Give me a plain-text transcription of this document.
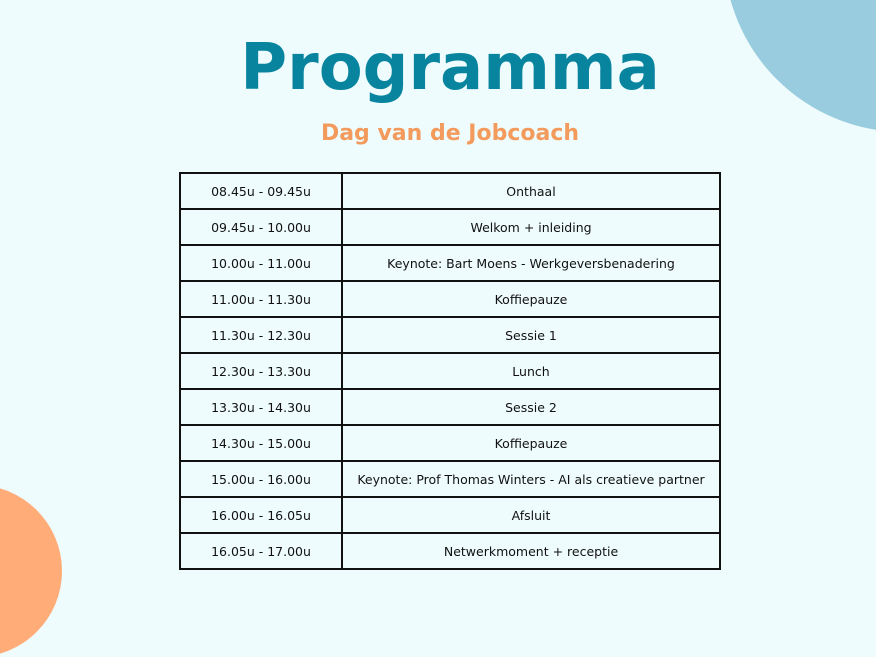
Programma
Dag van de Jobcoach
08.45u - 09.45u	Onthaal
09.45u - 10.00u	Welkom + inleiding
10.00u - 11.00u	Keynote: Bart Moens - Werkgeversbenadering
11.00u - 11.30u	Koffiepauze
11.30u - 12.30u	Sessie 1
12.30u - 13.30u	Lunch
13.30u - 14.30u	Sessie 2
14.30u - 15.00u	Koffiepauze
15.00u - 16.00u	Keynote: Prof Thomas Winters - AI als creatieve partner
16.00u - 16.05u	Afsluit
16.05u - 17.00u	Netwerkmoment + receptie
